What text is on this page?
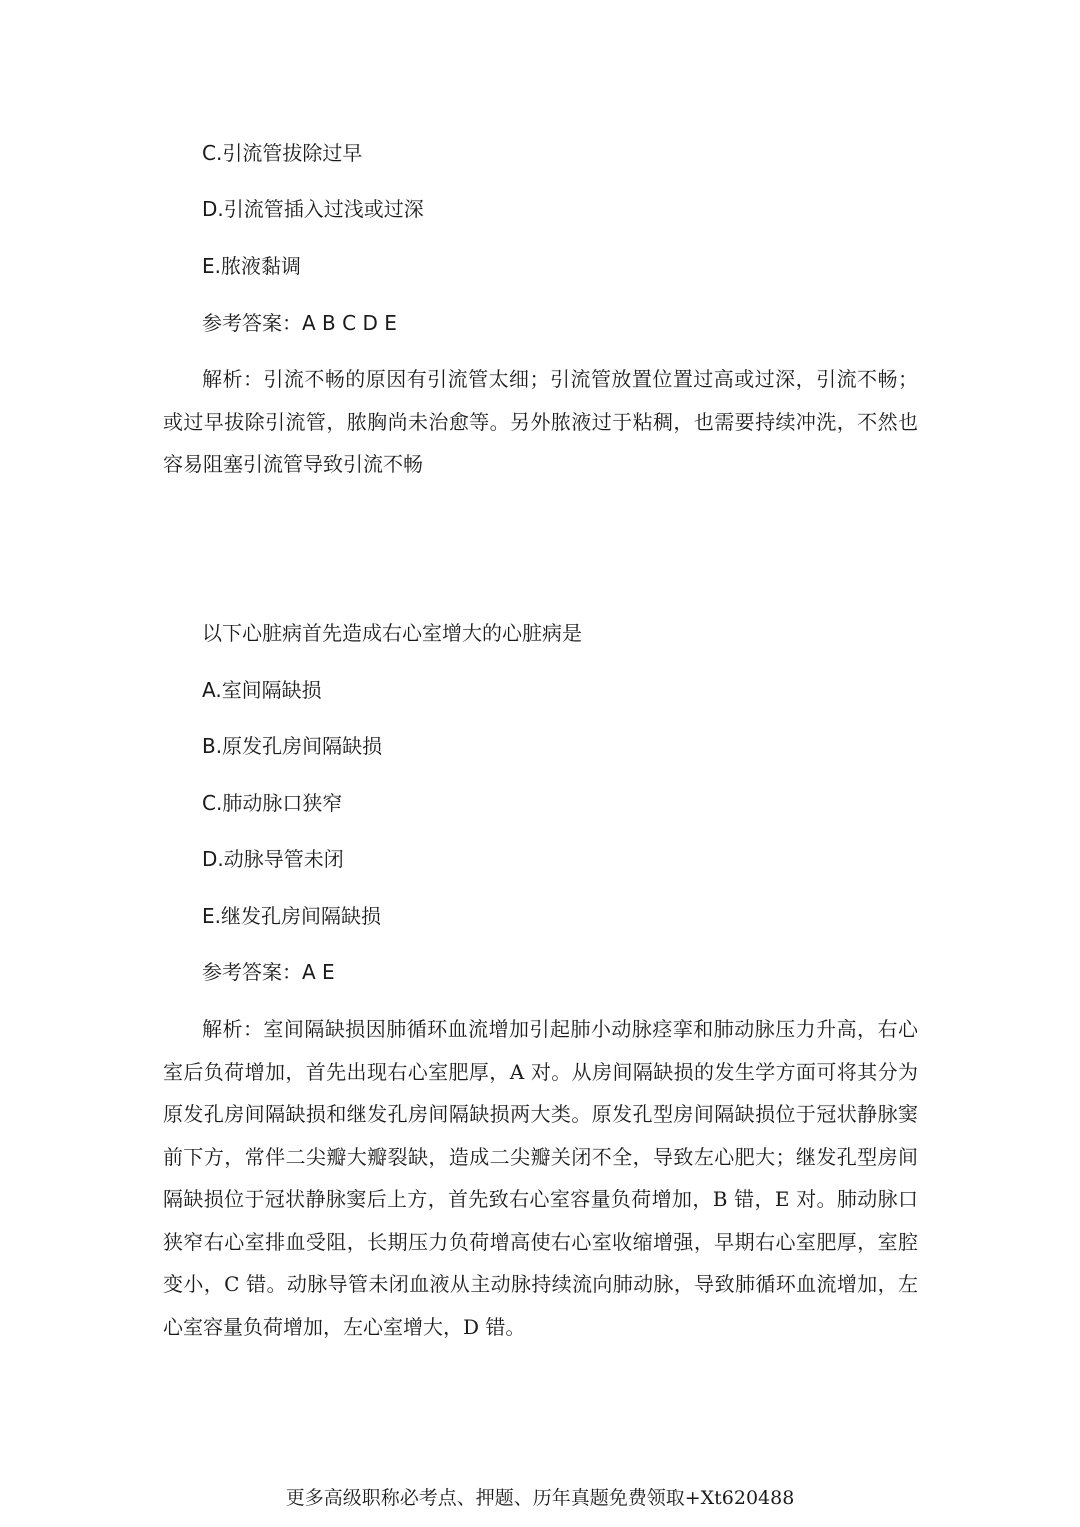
C.引流管拔除过早
D.引流管插入过浅或过深
E.脓液黏调
参考答案：A B C D E
解析：引流不畅的原因有引流管太细；引流管放置位置过高或过深，引流不畅；或过早拔除引流管，脓胸尚未治愈等。另外脓液过于粘稠，也需要持续冲洗，不然也容易阻塞引流管导致引流不畅
以下心脏病首先造成右心室增大的心脏病是
A.室间隔缺损
B.原发孔房间隔缺损
C.肺动脉口狭窄
D.动脉导管未闭
E.继发孔房间隔缺损
参考答案：A E
解析：室间隔缺损因肺循环血流增加引起肺小动脉痉挛和肺动脉压力升高，右心室后负荷增加，首先出现右心室肥厚，A 对。从房间隔缺损的发生学方面可将其分为原发孔房间隔缺损和继发孔房间隔缺损两大类。原发孔型房间隔缺损位于冠状静脉窦前下方，常伴二尖瓣大瓣裂缺，造成二尖瓣关闭不全，导致左心肥大；继发孔型房间隔缺损位于冠状静脉窦后上方，首先致右心室容量负荷增加，B 错，E 对。肺动脉口狭窄右心室排血受阻，长期压力负荷增高使右心室收缩增强，早期右心室肥厚，室腔变小，C 错。动脉导管未闭血液从主动脉持续流向肺动脉，导致肺循环血流增加，左心室容量负荷增加，左心室增大，D 错。
更多高级职称必考点、押题、历年真题免费领取+Xt620488
